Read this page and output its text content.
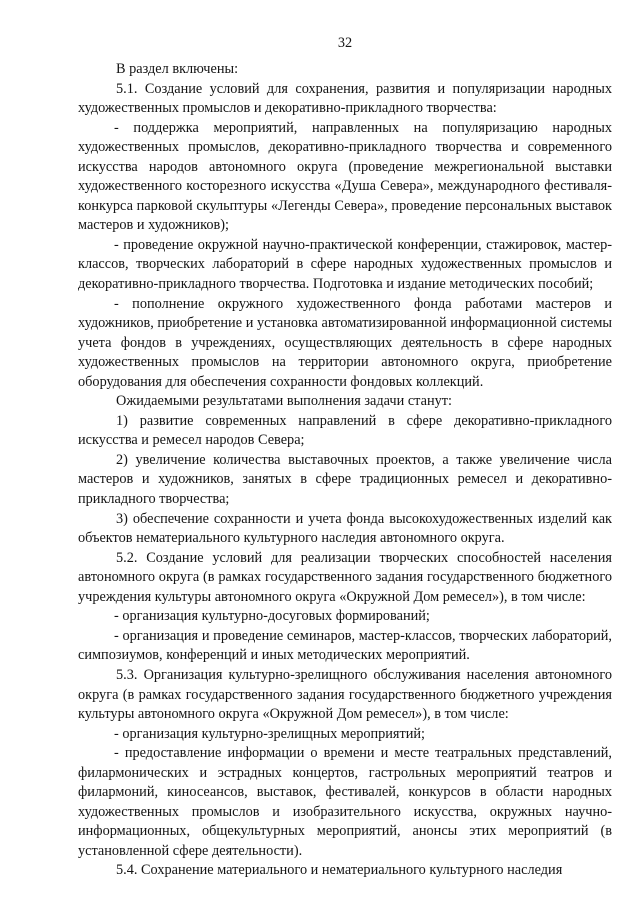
32

В раздел включены:

5.1. Создание условий для сохранения, развития и популяризации народных художественных промыслов и декоративно-прикладного творчества:

- поддержка мероприятий, направленных на популяризацию народных художественных промыслов, декоративно-прикладного творчества и современного искусства народов автономного округа (проведение межрегиональной выставки художественного косторезного искусства «Душа Севера», международного фестиваля-конкурса парковой скульптуры «Легенды Севера», проведение персональных выставок мастеров и художников);

- проведение окружной научно-практической конференции, стажировок, мастер-классов, творческих лабораторий в сфере народных художественных промыслов и декоративно-прикладного творчества. Подготовка и издание методических пособий;

- пополнение окружного художественного фонда работами мастеров и художников, приобретение и установка автоматизированной информационной системы учета фондов в учреждениях, осуществляющих деятельность в сфере народных художественных промыслов на территории автономного округа, приобретение оборудования для обеспечения сохранности фондовых коллекций.

Ожидаемыми результатами выполнения задачи станут:

1) развитие современных направлений в сфере декоративно-прикладного искусства и ремесел народов Севера;

2) увеличение количества выставочных проектов, а также увеличение числа мастеров и художников, занятых в сфере традиционных ремесел и декоративно-прикладного творчества;

3) обеспечение сохранности и учета фонда высокохудожественных изделий как объектов нематериального культурного наследия автономного округа.

5.2. Создание условий для реализации творческих способностей населения автономного округа (в рамках государственного задания государственного бюджетного учреждения культуры автономного округа «Окружной Дом ремесел»), в том числе:

- организация культурно-досуговых формирований;

- организация и проведение семинаров, мастер-классов, творческих лабораторий, симпозиумов, конференций и иных методических мероприятий.

5.3. Организация культурно-зрелищного обслуживания населения автономного округа (в рамках государственного задания государственного бюджетного учреждения культуры автономного округа «Окружной Дом ремесел»), в том числе:

- организация культурно-зрелищных мероприятий;

- предоставление информации о времени и месте театральных представлений, филармонических и эстрадных концертов, гастрольных мероприятий театров и филармоний, киносеансов, выставок, фестивалей, конкурсов в области народных художественных промыслов и изобразительного искусства, окружных научно-информационных, общекультурных мероприятий, анонсы этих мероприятий (в установленной сфере деятельности).

5.4. Сохранение материального и нематериального культурного наследия
